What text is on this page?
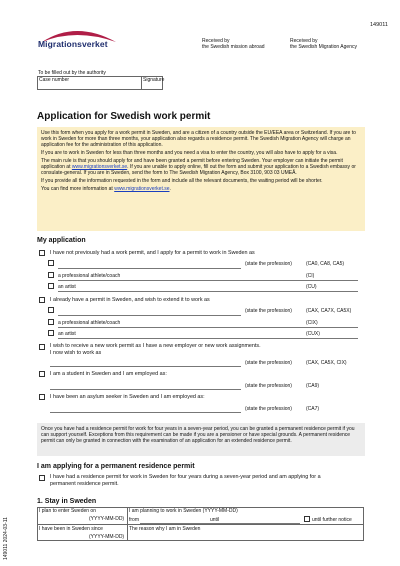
149011
Migrationsverket	Received by
the Swedish mission abroad
Received by
the Swedish Migration Agency
To be filled out by the authority
Case number	Signature
Application for Swedish work permit
Use this form when you apply for a work permit in Sweden, and are a citizen of a country outside the EU/EEA area or Switzerland. If you are to work in Sweden for more than three months, your application also regards a residence permit. The Swedish Migration Agency will charge an application fee for the administration of this application.
If you are to work in Sweden for less than three months and you need a visa to enter the country, you will also have to apply for a visa.
The main rule is that you should apply for and have been granted a permit before entering Sweden. Your employer can initiate the permit application at www.migrationsverket.se. If you are unable to apply online, fill out the form and submit your application to a Swedish embassy or consulate-general. If you are in Sweden, send the form to The Swedish Migration Agency, Box 3100, 903 03 UMEÅ.
If you provide all the information requested in the form and include all the relevant documents, the waiting period will be shorter.
You can find more information at www.migrationsverket.se.
My application
I have not previously had a work permit, and I apply for a permit to work in Sweden as
(state the profession)	(CA0, CA8, CA5)
a professional athlete/coach	(CI)
an artist	(CU)
I already have a permit in Sweden, and wish to extend it to work as
(state the profession)	(CAX, CA7X, CA5X)
a professional athlete/coach	(CIX)
an artist	(CUX)
I wish to receive a new work permit as I have a new employer or new work assignments.
I now wish to work as
(state the profession)	(CAX, CA5X, CIX)
I am a student in Sweden and I am employed as:
(state the profession)	(CA9)
I have been an asylum seeker in Sweden and I am employed as:
(state the profession)	(CA7)
Once you have had a residence permit for work for four years in a seven-year period, you can be granted a permanent residence permit if you can support yourself. Exceptions from this requirement can be made if you are a pensioner or have special grounds. A permanent residence permit can only be granted in connection with the examination of an application for an extended residence permit.
I am applying for a permanent residence permit
I have had a residence permit for work in Sweden for four years during a seven-year period and am applying for a permanent residence permit.
1. Stay in Sweden
I plan to enter Sweden on
(YYYY-MM-DD)
I am planning to work in Sweden (YYYY-MM-DD)
from	until	until further notice
I have been in Sweden since
(YYYY-MM-DD)
The reason why I am in Sweden
149011 2024-03-11
